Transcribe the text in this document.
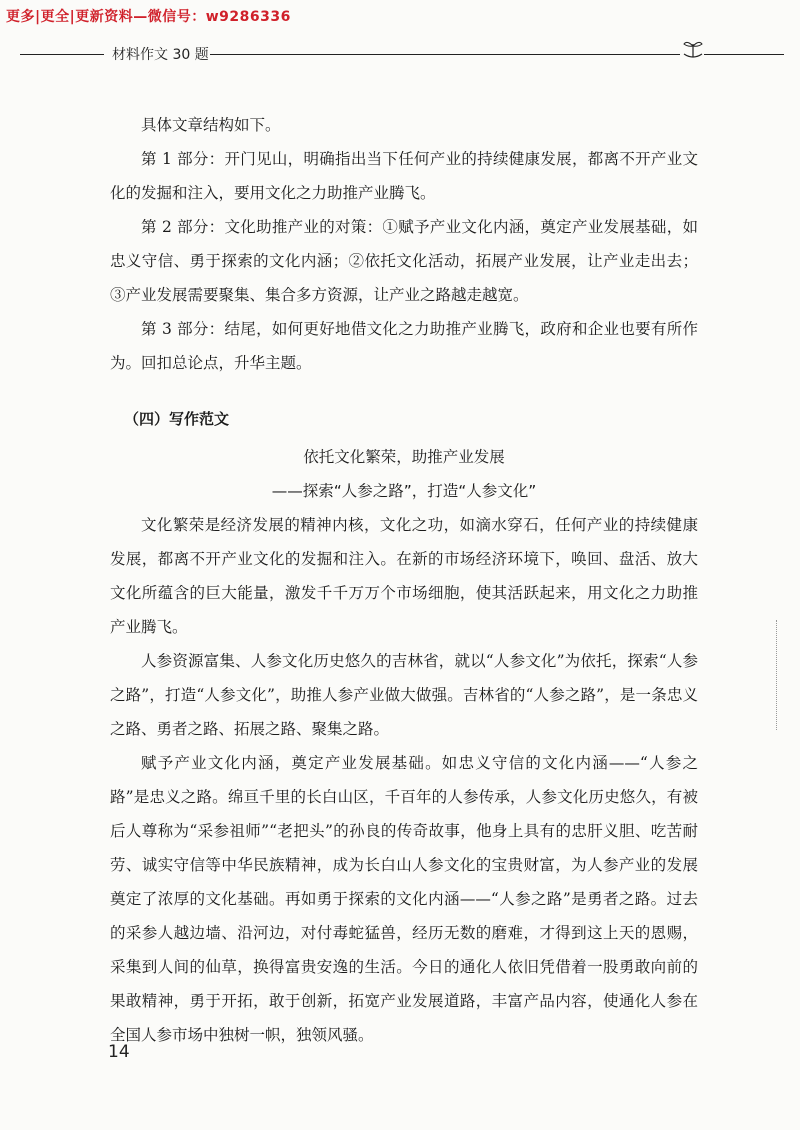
更多|更全|更新资料—微信号：w9286336
材料作文 30 题

具体文章结构如下。

第 1 部分：开门见山，明确指出当下任何产业的持续健康发展，都离不开产业文化的发掘和注入，要用文化之力助推产业腾飞。

第 2 部分：文化助推产业的对策：①赋予产业文化内涵，奠定产业发展基础，如忠义守信、勇于探索的文化内涵；②依托文化活动，拓展产业发展，让产业走出去；③产业发展需要聚集、集合多方资源，让产业之路越走越宽。

第 3 部分：结尾，如何更好地借文化之力助推产业腾飞，政府和企业也要有所作为。回扣总论点，升华主题。

（四）写作范文

依托文化繁荣，助推产业发展

——探索“人参之路”，打造“人参文化”

文化繁荣是经济发展的精神内核，文化之功，如滴水穿石，任何产业的持续健康发展，都离不开产业文化的发掘和注入。在新的市场经济环境下，唤回、盘活、放大文化所蕴含的巨大能量，激发千千万万个市场细胞，使其活跃起来，用文化之力助推产业腾飞。

人参资源富集、人参文化历史悠久的吉林省，就以“人参文化”为依托，探索“人参之路”，打造“人参文化”，助推人参产业做大做强。吉林省的“人参之路”，是一条忠义之路、勇者之路、拓展之路、聚集之路。

赋予产业文化内涵，奠定产业发展基础。如忠义守信的文化内涵——“人参之路”是忠义之路。绵亘千里的长白山区，千百年的人参传承，人参文化历史悠久，有被后人尊称为“采参祖师”“老把头”的孙良的传奇故事，他身上具有的忠肝义胆、吃苦耐劳、诚实守信等中华民族精神，成为长白山人参文化的宝贵财富，为人参产业的发展奠定了浓厚的文化基础。再如勇于探索的文化内涵——“人参之路”是勇者之路。过去的采参人越边墙、沿河边，对付毒蛇猛兽，经历无数的磨难，才得到这上天的恩赐，采集到人间的仙草，换得富贵安逸的生活。今日的通化人依旧凭借着一股勇敢向前的果敢精神，勇于开拓，敢于创新，拓宽产业发展道路，丰富产品内容，使通化人参在全国人参市场中独树一帜，独领风骚。

14
